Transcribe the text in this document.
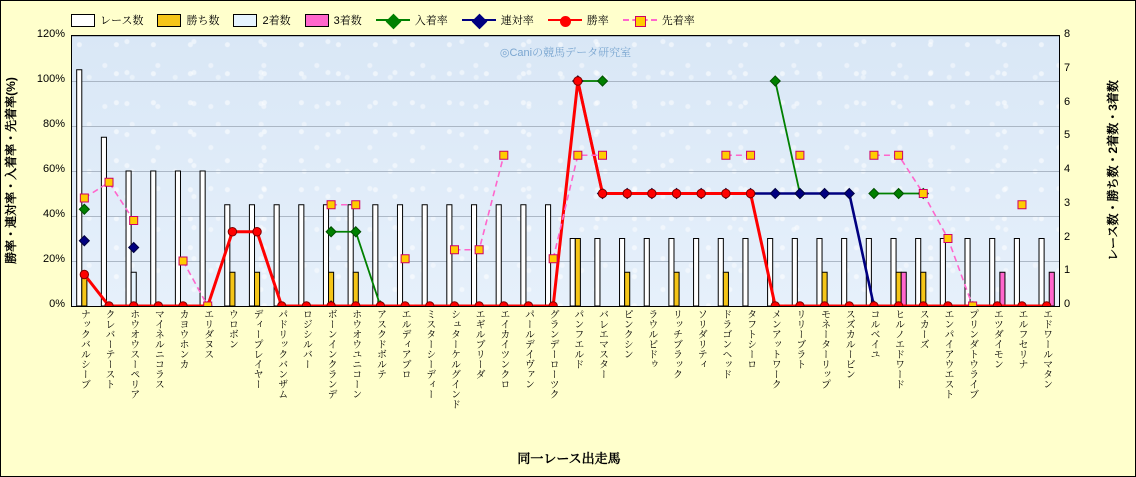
レース数	勝ち数	2着数	3着数	入着率	連対率	勝率	先着率
勝率・連対率・入着率・先着率(%)	レース数・勝ち数・2着数・3着数
◎Caniの競馬データ研究室
0%
20%
40%
60%
80%
100%
120%
0
1
2
3
4
5
6
7
8
ナックバルシーブ クレバーテースト ホウオウスーペリア マイネルニコラス カヨウホンカ エリダヌス ウロボン ディープレイヤー パドリックバンザム ロジシルバー ボーンインクランデ ホウオウユニコーン アスクドボルテ エルディアブロ ミスターシーディー シュターケルグインド エギルブリーダ エイカイツンクロ パールデイヴァン グランデーローツク パンフエルド バレエマスター ピンクシン ラウルビドゥ リッチブラック ソリダリティ ドラゴンヘッド タフトシーロ メンアットワーク リリーブラト モネーターリップ スズカルービン コルベイユ ヒルノエドワード スカーズ エンパイアウエスト プリンダトウライブ エツダイモン エルフセリナ エドワールマタン
同一レース出走馬
